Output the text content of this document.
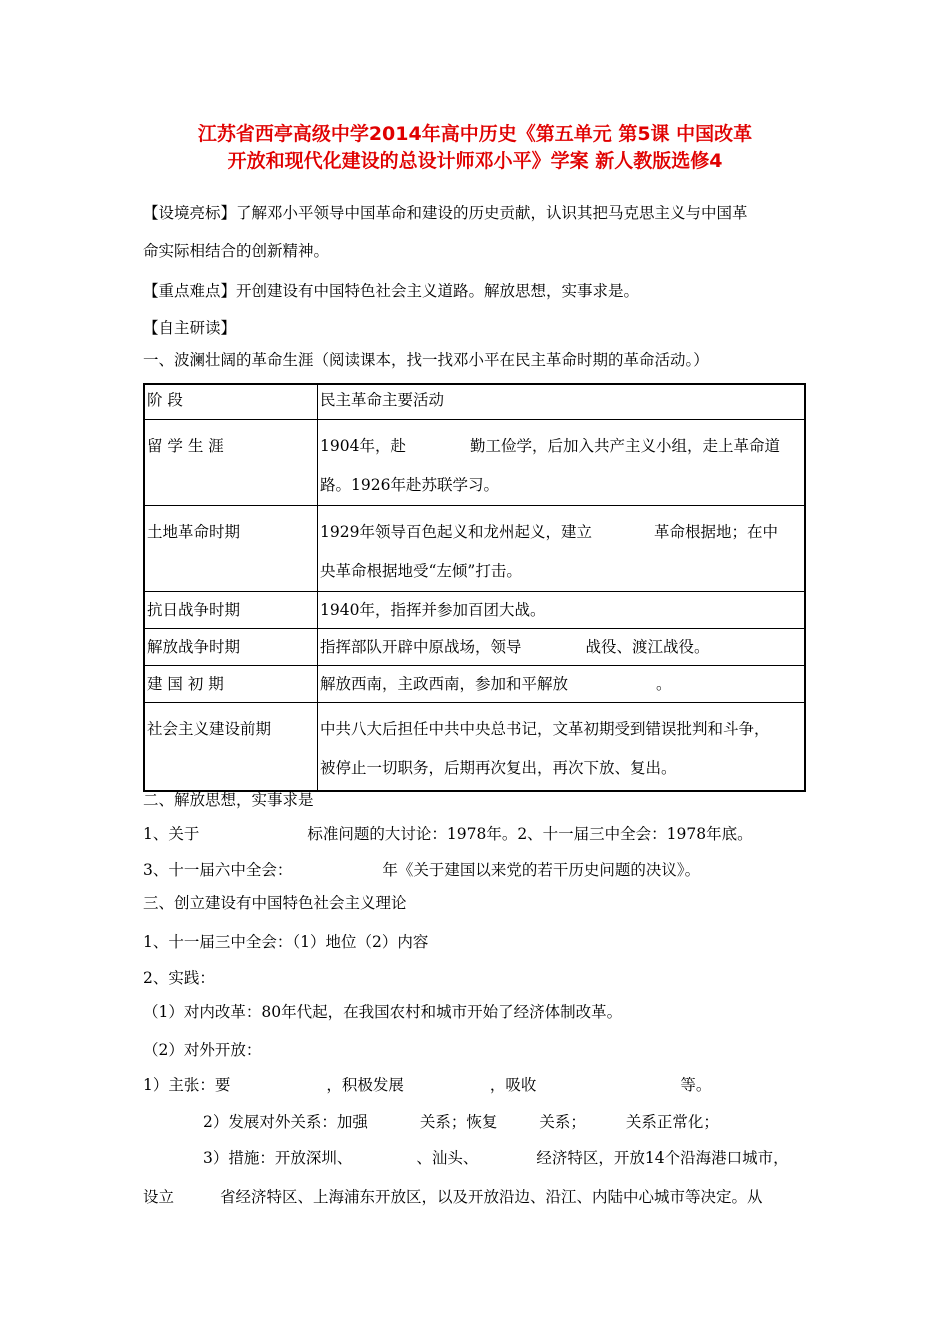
江苏省西亭高级中学2014年高中历史《第五单元 第5课 中国改革
开放和现代化建设的总设计师邓小平》学案 新人教版选修4
【设境亮标】了解邓小平领导中国革命和建设的历史贡献，认识其把马克思主义与中国革
命实际相结合的创新精神。
【重点难点】开创建设有中国特色社会主义道路。解放思想，实事求是。
【自主研读】
一、波澜壮阔的革命生涯（阅读课本，找一找邓小平在民主革命时期的革命活动。）
阶 段	民主革命主要活动
留 学 生 涯	1904年，赴 勤工俭学，后加入共产主义小组，走上革命道
路。1926年赴苏联学习。
土地革命时期	1929年领导百色起义和龙州起义，建立 革命根据地；在中
央革命根据地受“左倾”打击。
抗日战争时期	1940年，指挥并参加百团大战。
解放战争时期	指挥部队开辟中原战场，领导 战役、渡江战役。
建 国 初 期	解放西南，主政西南，参加和平解放 。
社会主义建设前期	中共八大后担任中共中央总书记，文革初期受到错误批判和斗争，
被停止一切职务，后期再次复出，再次下放、复出。
二、解放思想，实事求是
1、关于	标准问题的大讨论：1978年。2、十一届三中全会：1978年底。
3、十一届六中全会：	年《关于建国以来党的若干历史问题的决议》。
三、创立建设有中国特色社会主义理论
1、十一届三中全会：（1）地位（2）内容
2、实践：
（1）对内改革：80年代起，在我国农村和城市开始了经济体制改革。
（2）对外开放：
1）主张：要	，积极发展	，吸收	等。
2）发展对外关系：加强	关系；恢复	关系；	关系正常化；
3）措施：开放深圳、	、汕头、	经济特区，开放14个沿海港口城市，
设立	省经济特区、上海浦东开放区，以及开放沿边、沿江、内陆中心城市等决定。从
